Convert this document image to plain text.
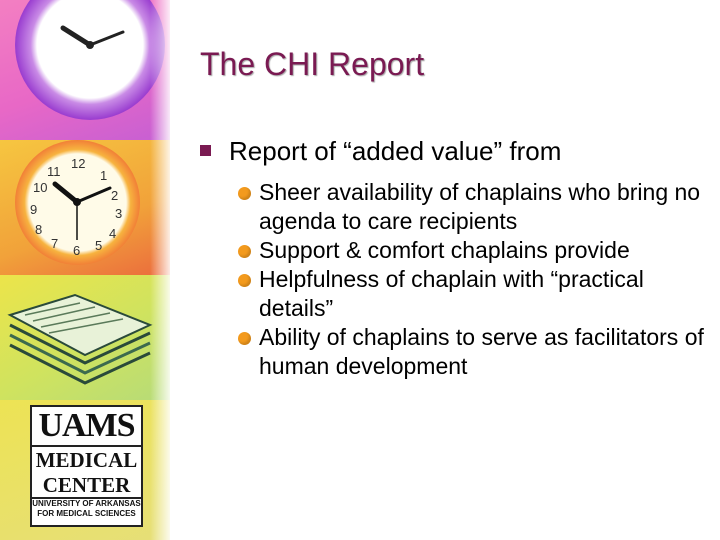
12
1
2
3
4
5
6
7
8
9
10
11
UAMS
MEDICAL
CENTER
UNIVERSITY OF ARKANSAS
FOR MEDICAL SCIENCES
The CHI Report
Report of “added value” from
Sheer availability of chaplains who bring no agenda to care recipients
Support & comfort chaplains provide
Helpfulness of chaplain with “practical details”
Ability of chaplains to serve as facilitators of human development
